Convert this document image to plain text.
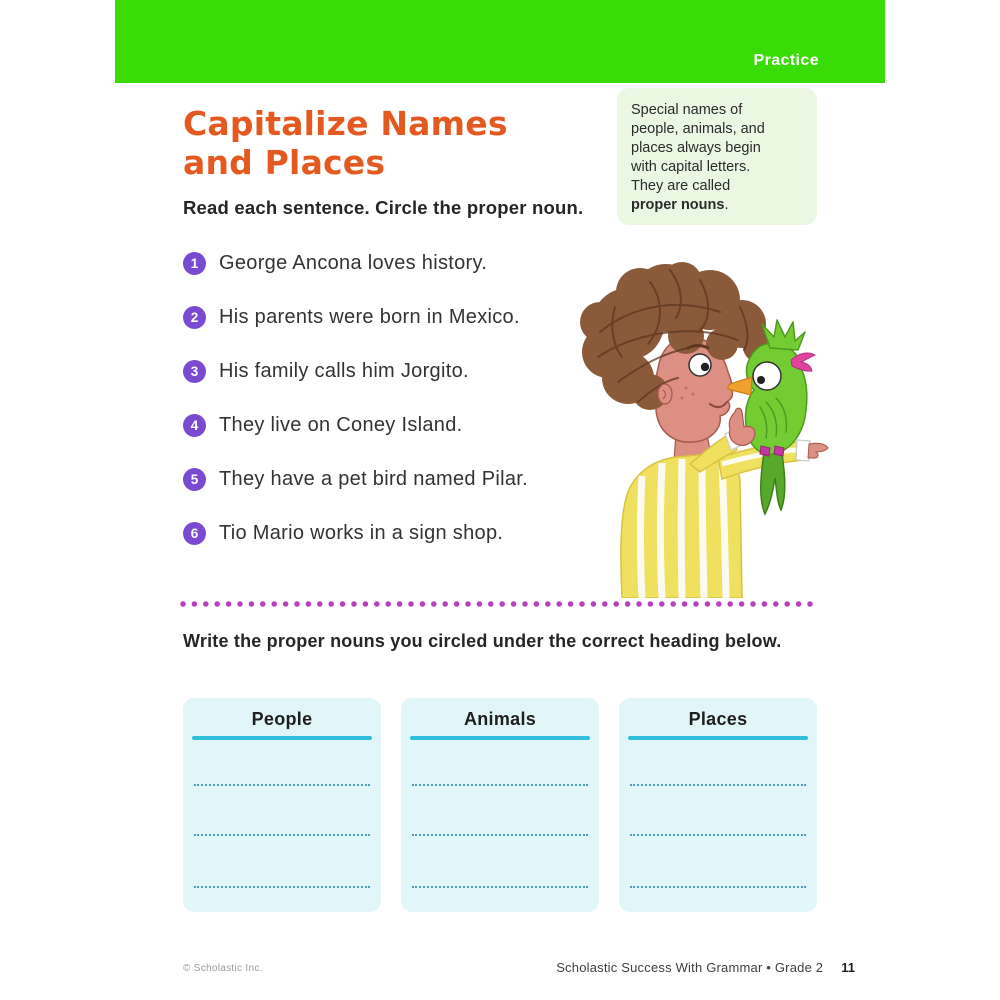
Practice
Capitalize Names
and Places
Read each sentence. Circle the proper noun.
Special names of
people, animals, and
places always begin
with capital letters.
They are called
proper nouns.
1	George Ancona loves history.
2	His parents were born in Mexico.
3	His family calls him Jorgito.
4	They live on Coney Island.
5	They have a pet bird named Pilar.
6	Tio Mario works in a sign shop.
Write the proper nouns you circled under the correct heading below.
People	Animals	Places
© Scholastic Inc.	Scholastic Success With Grammar • Grade 2 11
